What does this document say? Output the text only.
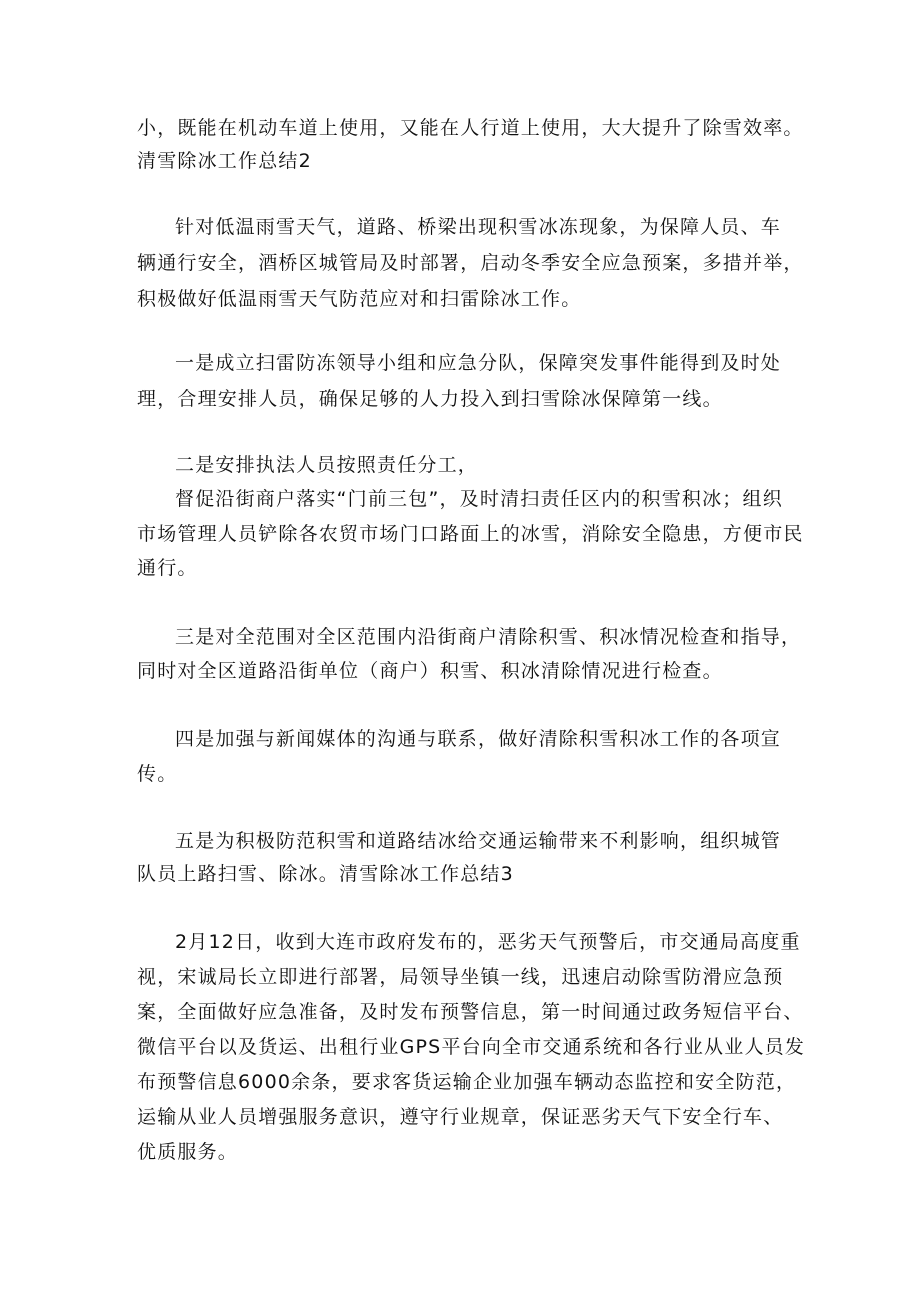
小，既能在机动车道上使用，又能在人行道上使用，大大提升了除雪效率。
清雪除冰工作总结2
针对低温雨雪天气，道路、桥梁出现积雪冰冻现象，为保障人员、车
辆通行安全，酒桥区城管局及时部署，启动冬季安全应急预案，多措并举，
积极做好低温雨雪天气防范应对和扫雷除冰工作。
一是成立扫雷防冻领导小组和应急分队，保障突发事件能得到及时处
理，合理安排人员，确保足够的人力投入到扫雪除冰保障第一线。
二是安排执法人员按照责任分工，
督促沿街商户落实“门前三包”，及时清扫责任区内的积雪积冰；组织
市场管理人员铲除各农贸市场门口路面上的冰雪，消除安全隐患，方便市民
通行。
三是对全范围对全区范围内沿街商户清除积雪、积冰情况检查和指导，
同时对全区道路沿街单位（商户）积雪、积冰清除情况进行检查。
四是加强与新闻媒体的沟通与联系，做好清除积雪积冰工作的各项宣
传。
五是为积极防范积雪和道路结冰给交通运输带来不利影响，组织城管
队员上路扫雪、除冰。清雪除冰工作总结3
2月12日，收到大连市政府发布的，恶劣天气预警后，市交通局高度重
视，宋诚局长立即进行部署，局领导坐镇一线，迅速启动除雪防滑应急预
案，全面做好应急准备，及时发布预警信息，第一时间通过政务短信平台、
微信平台以及货运、出租行业GPS平台向全市交通系统和各行业从业人员发
布预警信息6000余条，要求客货运输企业加强车辆动态监控和安全防范，
运输从业人员增强服务意识，遵守行业规章，保证恶劣天气下安全行车、
优质服务。
